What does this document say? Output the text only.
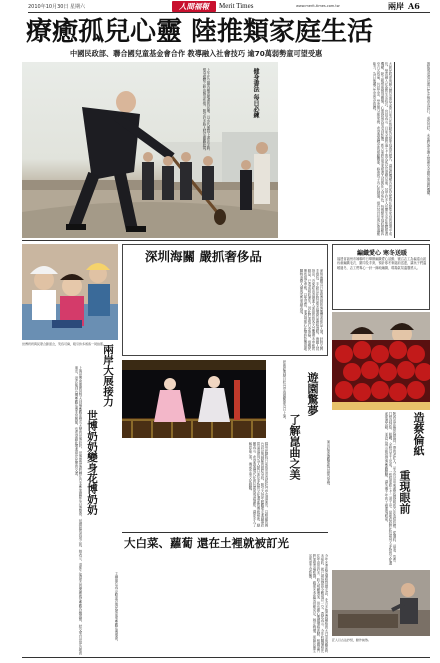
2010年10月30日 星期六	人間福報	Merit Times	www.merit-times.com.tw	兩岸 A6
療癒孤兒心靈 陸推類家庭生活
中國民政部、聯合國兒童基金會合作 教導融入社會技巧 逾70萬弱勢童可望受惠
上午在公園內練習地書的民眾，以水代墨寫下書法字跡，強身健體之餘也陶冶性情，吸引許多路人駐足圍觀欣賞。	健身書法 每日必練	大陸民政部與聯合國兒童基金會日前合作推動孤兒類家庭養育模式，讓福利機構內的孤兒能夠在類似家庭的環境中成長，學習融入社會的生活技巧。官員表示，目前全國有逾七十萬名孤兒及弱勢兒童，其中許多人長期生活在集體照護機構，缺乏親情與個別關懷，心理發展容易受到影響。新方案將由專業照護人員擔任父母角色，每個類家庭約照顧四至六名孩童，共同生活、學習與分擔家務，希望透過穩定的照顧關係，修復孩子內心的創傷，提升其自信與社會適應能力，為日後獨立生活奠定基礎。	據報導這項計畫已在多個省市試行，成效良好，未來將逐步擴大推廣至全國各地福利機構。
世博奶奶與民眾合影留念，笑容可掬，吸引許多遊客一同拍照。
兩岸大展接力
世博奶奶變身花博奶奶
上海世博會期間因每天到場參觀而聲名大噪的世博奶奶，世博閉幕後將轉往台北參加國際花卉博覽會，延續她的看展之旅。她表示，退休之後最大的樂趣就是參觀各種展覽，結交來自世界各地的朋友，這次能到台灣參觀花博非常興奮，也希望藉此增進兩岸民眾的交流。
主辦單位表示歡迎各地民眾前來參觀花博盛會。
深圳海關 嚴抓奢侈品
深圳海關近日加強查緝旅客攜帶奢侈品入境，針對名牌手提包、手錶及化妝品等高價商品嚴格課稅。海關人員指出，近來經由香港進入深圳的旅客大量攜帶未申報的精品，已造成稅收流失，因此將加強行李抽檢，提醒民眾依規定申報，以免受罰。業者則擔心此舉將影響兩地購物消費人潮與零售業績表現。
編織愛心 寒冬送暖
福建省福州市婦聯昨日舉辦編織愛心活動，號召志工為偏遠山區孩童編織毛衣、圍巾及手套，預計寒冬來臨前送達，讓孩子們溫暖過冬，志工們專心一針一線地編織，現場氣氛溫馨感人。
遊園驚夢
了解崑曲之美
崑曲經典劇目牡丹亭遊園驚夢近日上演，
蘇州崑劇院日前推出青春版牡丹亭巡迴演出，以精緻的舞台設計與細膩的唱腔身段，吸引大批年輕觀眾走進劇場欣賞這項被列為人類口述及非物質文化遺產的傳統藝術。劇團表示，希望透過現代化的包裝與導讀講座，讓更多人了解崑曲之美，傳承中華文化精髓。	演出結束後觀眾報以熱烈掌聲。
造蔡倫紙
重現眼前
陝西省洋縣蔡倫墓祠一帶的老匠人，至今仍沿用東漢蔡倫發明的古法造紙技藝，從選料、浸泡、蒸煮、打漿到抄紙、晾曬，全程以手工完成，一張紙需經七十二道工序。當地政府將此技藝列入非物質文化遺產保護名錄，並設立展示館供遊客參觀體驗，讓失傳千年的工藝重現眼前。
匠人以古法抄紙，動作純熟。
大白菜、蘿蔔 還在土裡就被訂光
今年冬季蔬菜價格持續走高，北方多地菜農種植的大白菜與蘿蔔尚未採收，就已被批發商全數預訂一空。農民表示，今年收購價格比往年高出許多，收入明顯增加，但也擔心後續價格波動。相關部門將加強市場監測，確保冬季蔬菜供應充足，穩定物價，保障民眾生活所需不受影響。
